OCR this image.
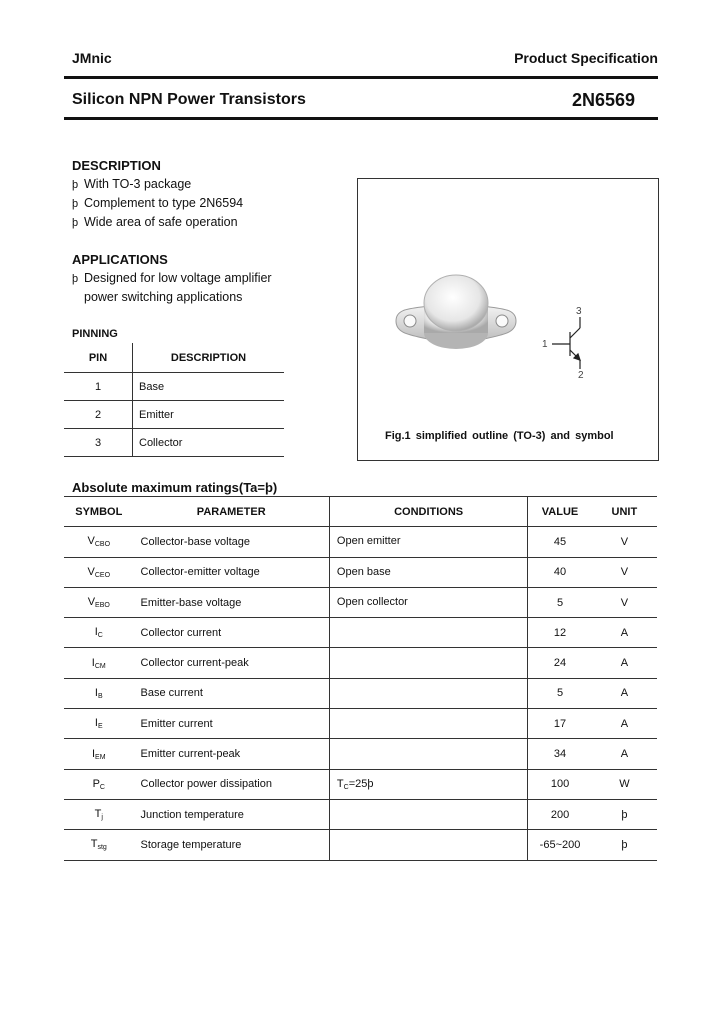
JMnic	Product Specification
Silicon NPN Power Transistors	2N6569
DESCRIPTION
þ With TO-3 package
þ Complement to type 2N6594
þ Wide area of safe operation
APPLICATIONS
þ Designed for low voltage amplifier
power switching applications
PINNING
PIN	DESCRIPTION
1	Base
2	Emitter
3	Collector
1
2
3
Fig.1 simplified outline (TO-3) and symbol
Absolute maximum ratings(Ta=þ)
SYMBOL	PARAMETER	CONDITIONS	VALUE	UNIT
$V_{CBO}$	Collector-base voltage	Open emitter	45	V
$V_{CEO}$	Collector-emitter voltage	Open base	40	V
$V_{EBO}$	Emitter-base voltage	Open collector	5	V
$I_C$	Collector current		12	A
$I_{CM}$	Collector current-peak		24	A
$I_B$	Base current		5	A
$I_E$	Emitter current		17	A
$I_{EM}$	Emitter current-peak		34	A
$P_C$	Collector power dissipation	$T_C=25þ$	100	W
$T_j$	Junction temperature		200	þ
$T_{stg}$	Storage temperature		-65~200	þ
